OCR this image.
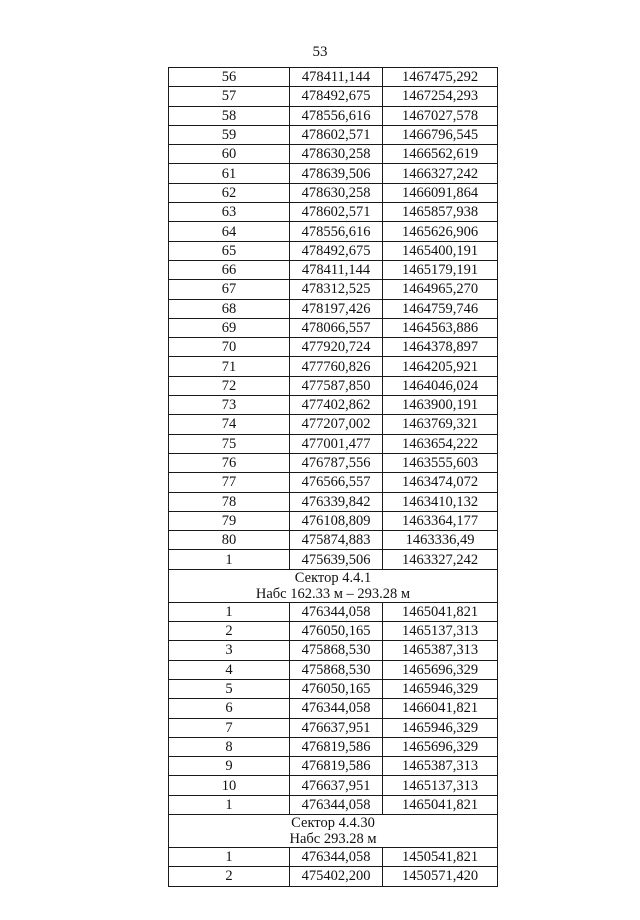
53
56	478411,144	1467475,292
57	478492,675	1467254,293
58	478556,616	1467027,578
59	478602,571	1466796,545
60	478630,258	1466562,619
61	478639,506	1466327,242
62	478630,258	1466091,864
63	478602,571	1465857,938
64	478556,616	1465626,906
65	478492,675	1465400,191
66	478411,144	1465179,191
67	478312,525	1464965,270
68	478197,426	1464759,746
69	478066,557	1464563,886
70	477920,724	1464378,897
71	477760,826	1464205,921
72	477587,850	1464046,024
73	477402,862	1463900,191
74	477207,002	1463769,321
75	477001,477	1463654,222
76	476787,556	1463555,603
77	476566,557	1463474,072
78	476339,842	1463410,132
79	476108,809	1463364,177
80	475874,883	1463336,49
1	475639,506	1463327,242

Сектор 4.4.1
Набс 162.33 м – 293.28 м		

1	476344,058	1465041,821
2	476050,165	1465137,313
3	475868,530	1465387,313
4	475868,530	1465696,329
5	476050,165	1465946,329
6	476344,058	1466041,821
7	476637,951	1465946,329
8	476819,586	1465696,329
9	476819,586	1465387,313
10	476637,951	1465137,313
1	476344,058	1465041,821

Сектор 4.4.30
Набс 293.28 м		

1	476344,058	1450541,821
2	475402,200	1450571,420
